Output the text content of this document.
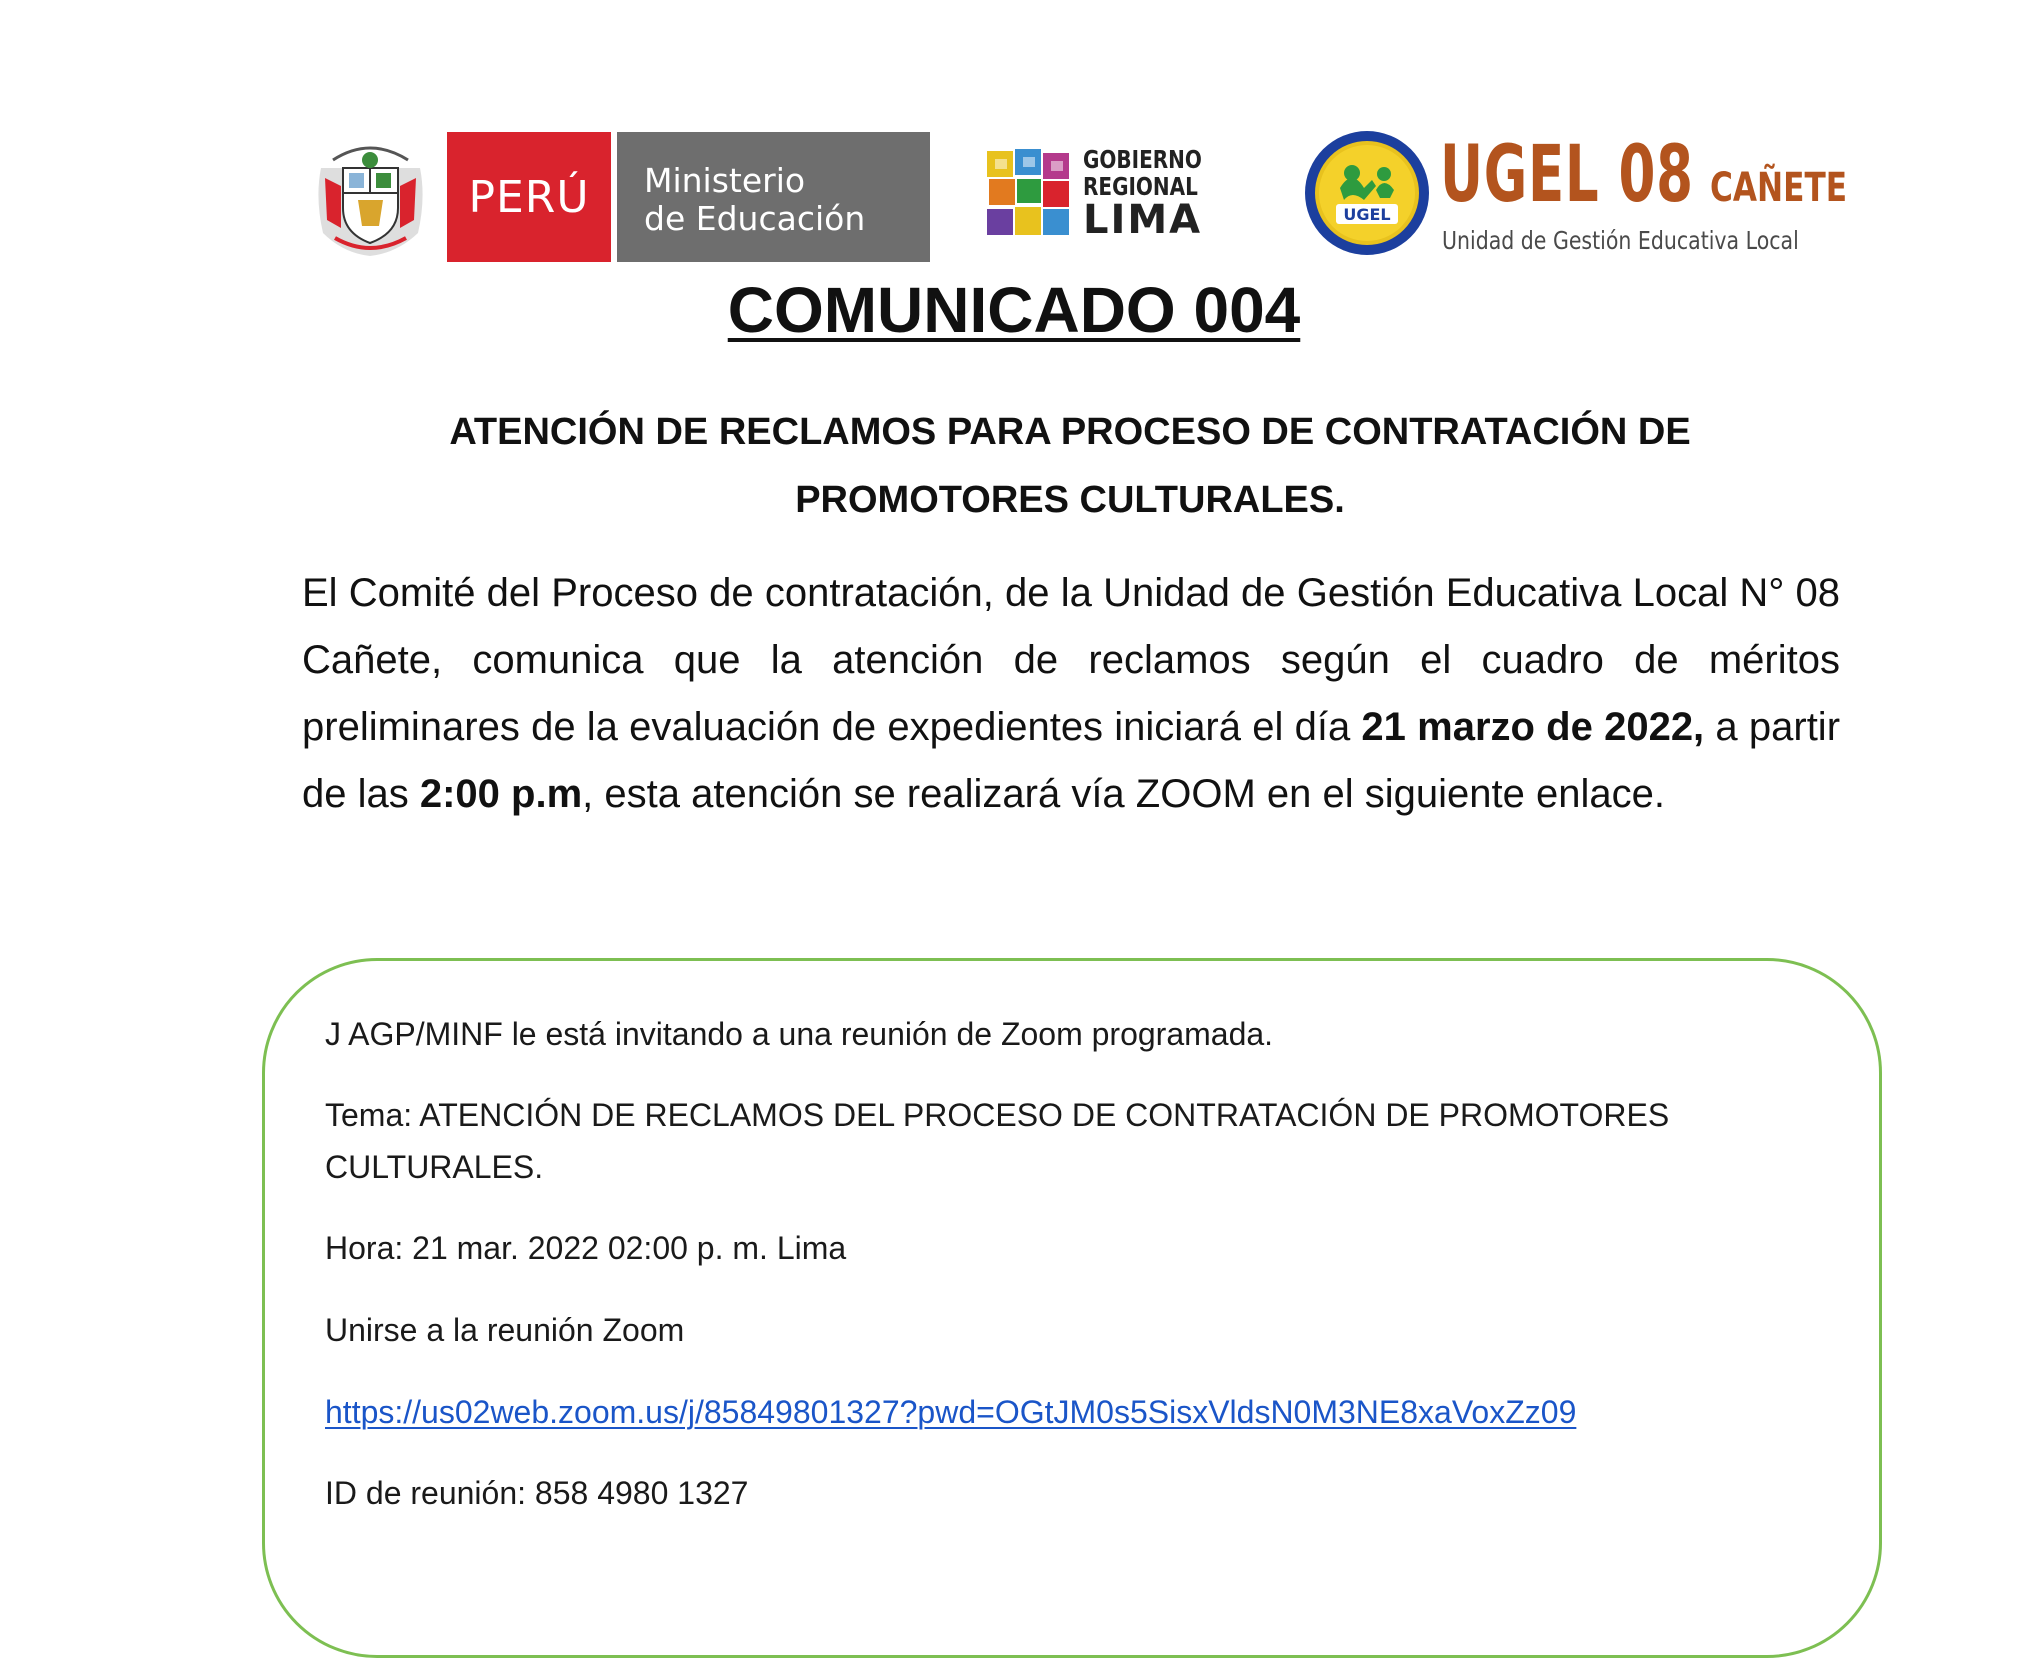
PERÚ Ministerio
de Educación
GOBIERNO
REGIONAL
LIMA	UGEL UGEL 08 CAÑETE
Unidad de Gestión Educativa Local
COMUNICADO 004
ATENCIÓN DE RECLAMOS PARA PROCESO DE CONTRATACIÓN DE
PROMOTORES CULTURALES.
El Comité del Proceso de contratación, de la Unidad de Gestión Educativa Local N° 08 Cañete, comunica que la atención de reclamos según el cuadro de méritos preliminares de la evaluación de expedientes iniciará el día 21 marzo de 2022, a partir de las 2:00 p.m, esta atención se realizará vía ZOOM en el siguiente enlace.
J AGP/MINF le está invitando a una reunión de Zoom programada.
Tema: ATENCIÓN DE RECLAMOS DEL PROCESO DE CONTRATACIÓN DE PROMOTORES
CULTURALES.
Hora: 21 mar. 2022 02:00 p. m. Lima
Unirse a la reunión Zoom
https://us02web.zoom.us/j/85849801327?pwd=OGtJM0s5SisxVldsN0M3NE8xaVoxZz09
ID de reunión: 858 4980 1327
